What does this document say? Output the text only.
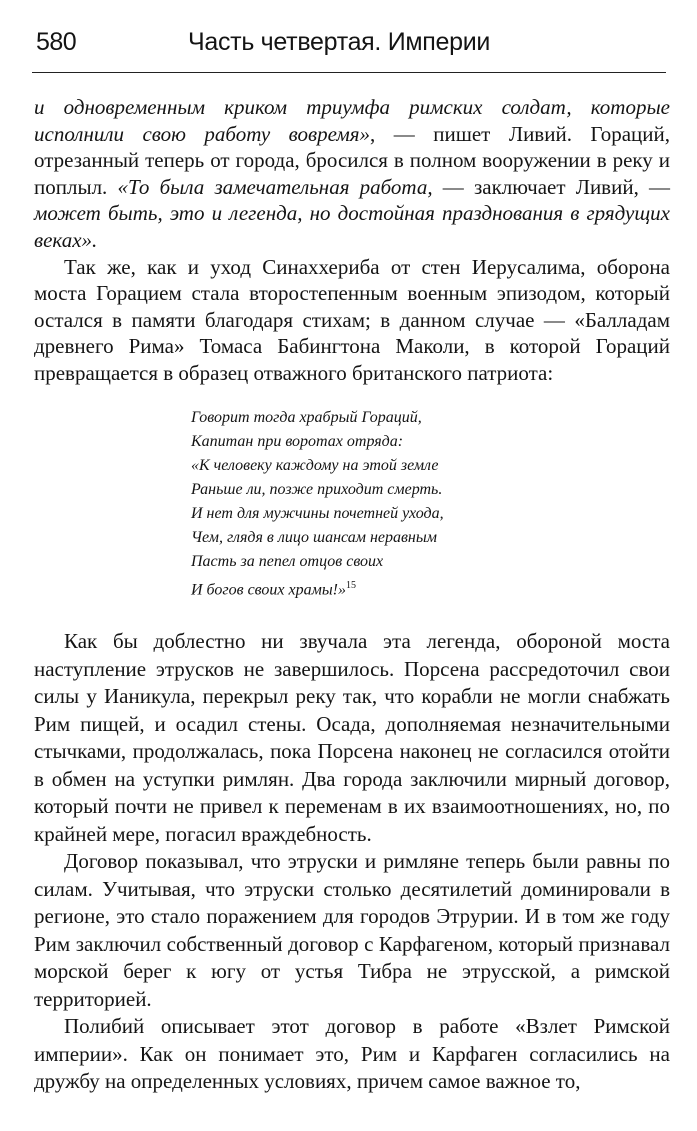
580	Часть четвертая. Империи

и одновременным криком триумфа римских солдат, которые исполнили свою работу вовремя», — пишет Ливий. Гораций, отрезанный теперь от города, бросился в полном вооружении в реку и поплыл. «То была замечательная работа, — заключает Ливий, — может быть, это и легенда, но достойная празднования в грядущих веках».

Так же, как и уход Синаххериба от стен Иерусалима, оборона моста Горацием стала второстепенным военным эпизодом, который остался в памяти благодаря стихам; в данном случае — «Балладам древнего Рима» Томаса Бабингтона Маколи, в которой Гораций превращается в образец отважного британского патриота:

Говорит тогда храбрый Гораций,
Капитан при воротах отряда:
«К человеку каждому на этой земле
Раньше ли, позже приходит смерть.
И нет для мужчины почетней ухода,
Чем, глядя в лицо шансам неравным
Пасть за пепел отцов своих
И богов своих храмы!»$^{15}$

Как бы доблестно ни звучала эта легенда, обороной моста наступление этрусков не завершилось. Порсена рассредоточил свои силы у Ианикула, перекрыл реку так, что корабли не могли снабжать Рим пищей, и осадил стены. Осада, дополняемая незначительными стычками, продолжалась, пока Порсена наконец не согласился отойти в обмен на уступки римлян. Два города заключили мирный договор, который почти не привел к переменам в их взаимоотношениях, но, по крайней мере, погасил враждебность.

Договор показывал, что этруски и римляне теперь были равны по силам. Учитывая, что этруски столько десятилетий доминировали в регионе, это стало поражением для городов Этрурии. И в том же году Рим заключил собственный договор с Карфагеном, который признавал морской берег к югу от устья Тибра не этрусской, а римской территорией.

Полибий описывает этот договор в работе «Взлет Римской империи». Как он понимает это, Рим и Карфаген согласились на дружбу на определенных условиях, причем самое важное то,
